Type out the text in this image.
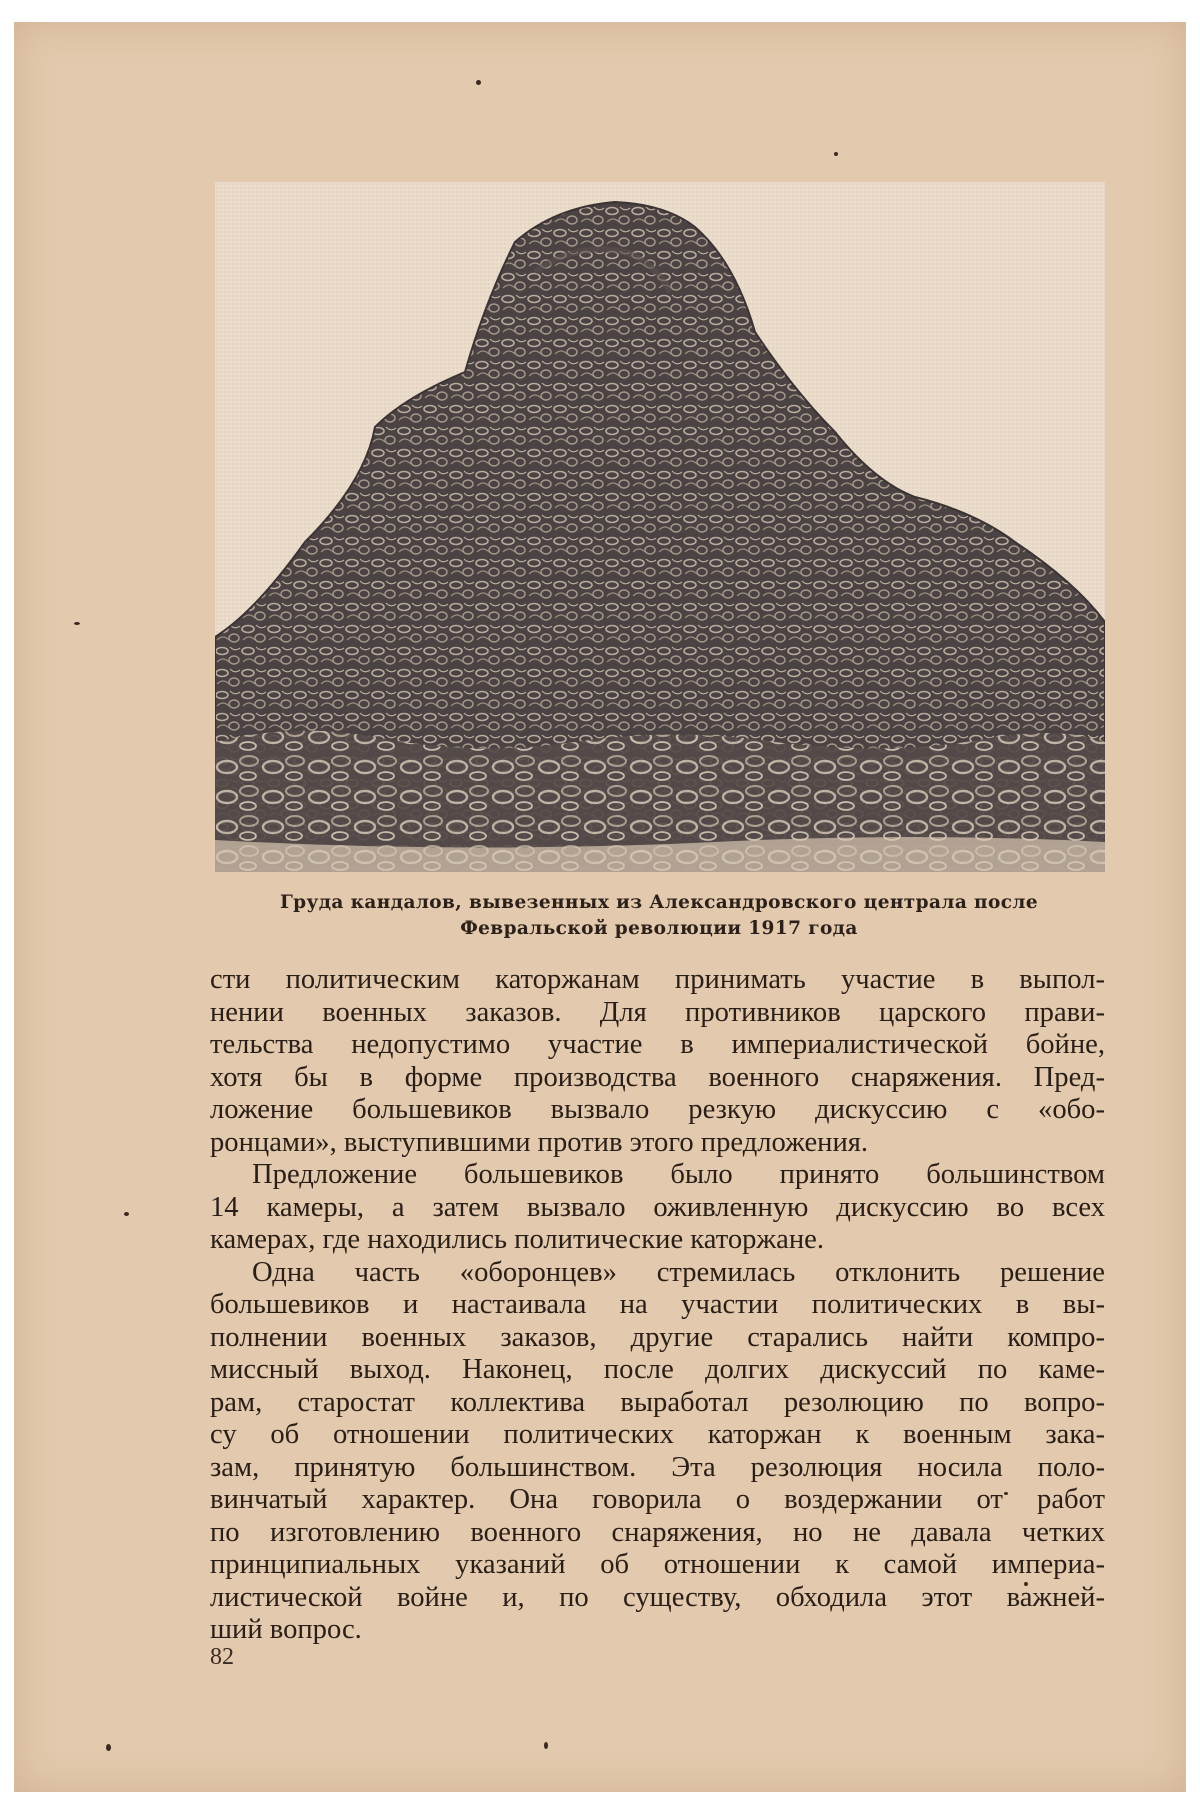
Груда кандалов, вывезенных из Александровского централа после
Февральской революции 1917 года
сти политическим каторжанам принимать участие в выпол-
нении военных заказов. Для противников царского прави-
тельства недопустимо участие в империалистической бойне,
хотя бы в форме производства военного снаряжения. Пред-
ложение большевиков вызвало резкую дискуссию с «обо-
ронцами», выступившими против этого предложения.
Предложение большевиков было принято большинством
14 камеры, а затем вызвало оживленную дискуссию во всех
камерах, где находились политические каторжане.
Одна часть «оборонцев» стремилась отклонить решение
большевиков и настаивала на участии политических в вы-
полнении военных заказов, другие старались найти компро-
миссный выход. Наконец, после долгих дискуссий по каме-
рам, старостат коллектива выработал резолюцию по вопро-
су об отношении политических каторжан к военным зака-
зам, принятую большинством. Эта резолюция носила поло-
винчатый характер. Она говорила о воздержании от работ
по изготовлению военного снаряжения, но не давала четких
принципиальных указаний об отношении к самой империа-
листической войне и, по существу, обходила этот важней-
ший вопрос.
82
